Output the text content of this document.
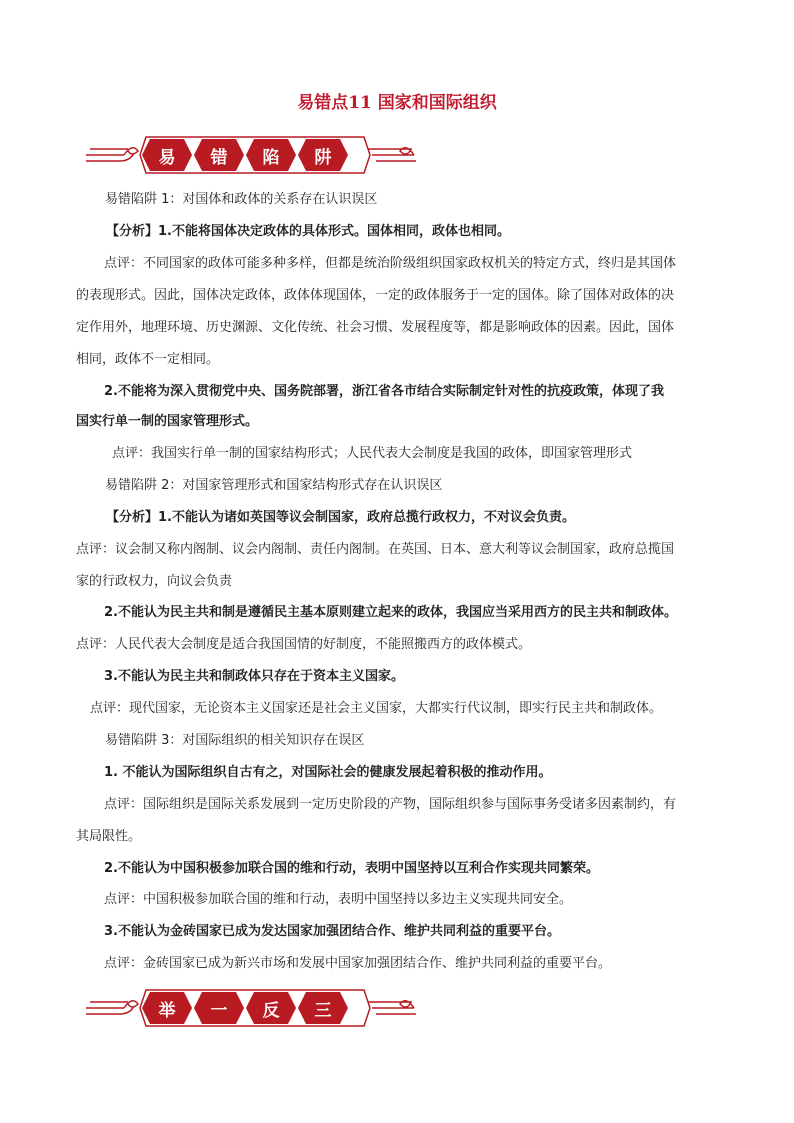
易错点11 国家和国际组织
易	错	陷	阱
易错陷阱 1：对国体和政体的关系存在认识误区
【分析】1.不能将国体决定政体的具体形式。国体相同，政体也相同。
点评：不同国家的政体可能多种多样，但都是统治阶级组织国家政权机关的特定方式，终归是其国体
的表现形式。因此，国体决定政体，政体体现国体，一定的政体服务于一定的国体。除了国体对政体的决
定作用外，地理环境、历史渊源、文化传统、社会习惯、发展程度等，都是影响政体的因素。因此，国体
相同，政体不一定相同。
2.不能将为深入贯彻党中央、国务院部署，浙江省各市结合实际制定针对性的抗疫政策，体现了我
国实行单一制的国家管理形式。
点评：我国实行单一制的国家结构形式；人民代表大会制度是我国的政体，即国家管理形式
易错陷阱 2：对国家管理形式和国家结构形式存在认识误区
【分析】1.不能认为诸如英国等议会制国家，政府总揽行政权力，不对议会负责。
点评：议会制又称内阁制、议会内阁制、责任内阁制。在英国、日本、意大利等议会制国家，政府总揽国
家的行政权力，向议会负责
2.不能认为民主共和制是遵循民主基本原则建立起来的政体，我国应当采用西方的民主共和制政体。
点评：人民代表大会制度是适合我国国情的好制度，不能照搬西方的政体模式。
3.不能认为民主共和制政体只存在于资本主义国家。
点评：现代国家，无论资本主义国家还是社会主义国家，大都实行代议制，即实行民主共和制政体。
易错陷阱 3：对国际组织的相关知识存在误区
1. 不能认为国际组织自古有之，对国际社会的健康发展起着积极的推动作用。
点评：国际组织是国际关系发展到一定历史阶段的产物，国际组织参与国际事务受诸多因素制约，有
其局限性。
2.不能认为中国积极参加联合国的维和行动，表明中国坚持以互利合作实现共同繁荣。
点评：中国积极参加联合国的维和行动，表明中国坚持以多边主义实现共同安全。
3.不能认为金砖国家已成为发达国家加强团结合作、维护共同利益的重要平台。
点评：金砖国家已成为新兴市场和发展中国家加强团结合作、维护共同利益的重要平台。
举	一	反	三
